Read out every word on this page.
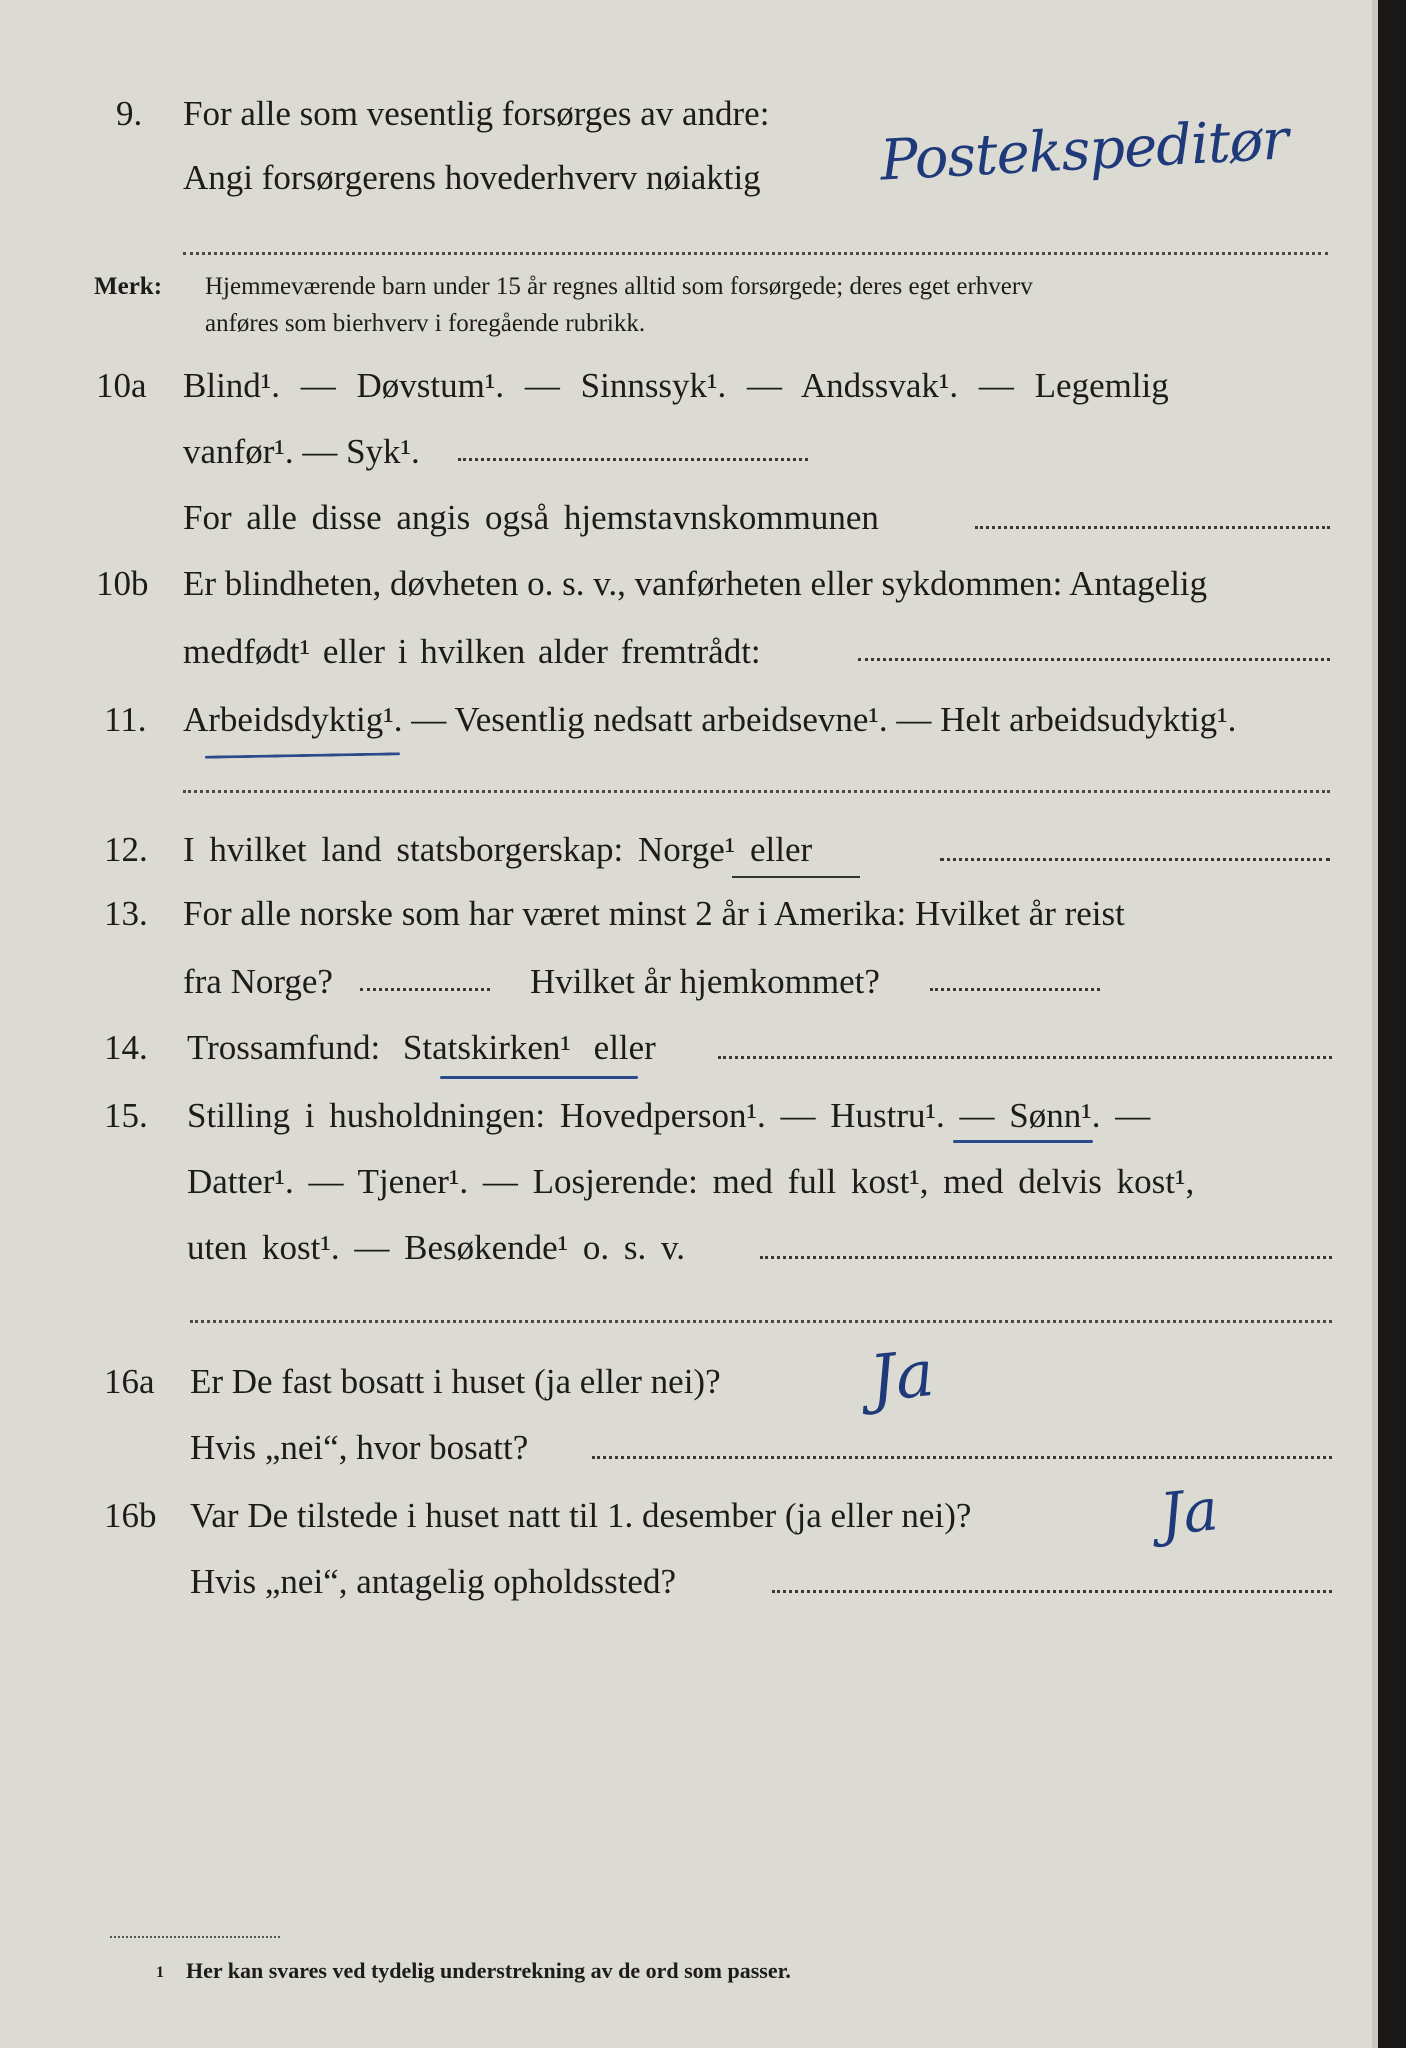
9. For alle som vesentlig forsørges av andre:
Angi forsørgerens hovederhverv nøiaktig Postekspeditør
Merk: Hjemmeværende barn under 15 år regnes alltid som forsørgede; deres eget erhverv
anføres som bierhverv i foregående rubrikk.
10a Blind¹. — Døvstum¹. — Sinnssyk¹. — Andssvak¹. — Legemlig
vanfør¹. — Syk¹.
For alle disse angis også hjemstavnskommunen
10b Er blindheten, døvheten o. s. v., vanførheten eller sykdommen: Antagelig
medfødt¹ eller i hvilken alder fremtrådt:
11. Arbeidsdyktig¹. — Vesentlig nedsatt arbeidsevne¹. — Helt arbeidsudyktig¹.
12. I hvilket land statsborgerskap: Norge¹ eller
13. For alle norske som har været minst 2 år i Amerika: Hvilket år reist
fra Norge?	Hvilket år hjemkommet?
14. Trossamfund: Statskirken¹ eller
15. Stilling i husholdningen: Hovedperson¹. — Hustru¹. — Sønn¹. —
Datter¹. — Tjener¹. — Losjerende: med full kost¹, med delvis kost¹,
uten kost¹. — Besøkende¹ o. s. v.
16a Er De fast bosatt i huset (ja eller nei)? Ja
Hvis „nei“, hvor bosatt?
16b Var De tilstede i huset natt til 1. desember (ja eller nei)?	Ja
Hvis „nei“, antagelig opholdssted?
1 Her kan svares ved tydelig understrekning av de ord som passer.
